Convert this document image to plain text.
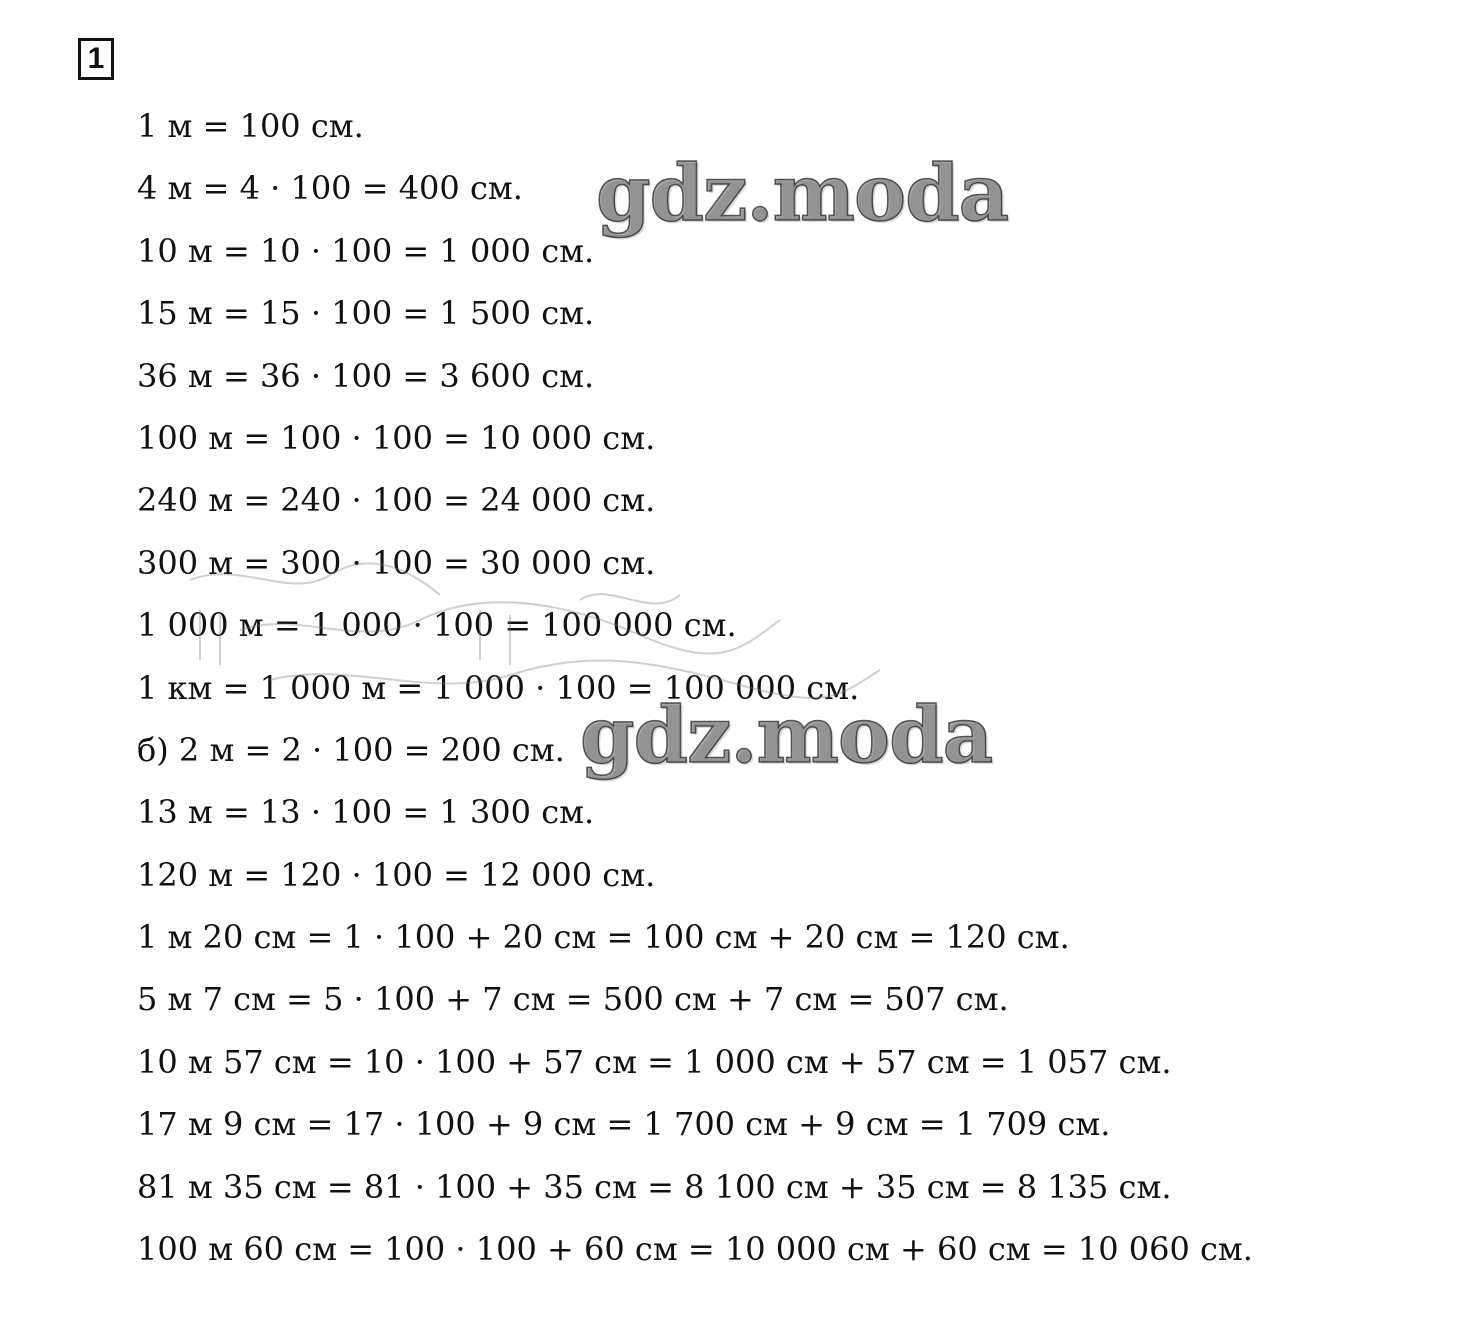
1
1 м = 100 см.
4 м = 4 · 100 = 400 см.
10 м = 10 · 100 = 1 000 см.
15 м = 15 · 100 = 1 500 см.
36 м = 36 · 100 = 3 600 см.
100 м = 100 · 100 = 10 000 см.
240 м = 240 · 100 = 24 000 см.
300 м = 300 · 100 = 30 000 см.
1 000 м = 1 000 · 100 = 100 000 см.
1 км = 1 000 м = 1 000 · 100 = 100 000 см.
б) 2 м = 2 · 100 = 200 см.
13 м = 13 · 100 = 1 300 см.
120 м = 120 · 100 = 12 000 см.
1 м 20 см = 1 · 100 + 20 см = 100 см + 20 см = 120 см.
5 м 7 см = 5 · 100 + 7 см = 500 см + 7 см = 507 см.
10 м 57 см = 10 · 100 + 57 см = 1 000 см + 57 см = 1 057 см.
17 м 9 см = 17 · 100 + 9 см = 1 700 см + 9 см = 1 709 см.
81 м 35 см = 81 · 100 + 35 см = 8 100 см + 35 см = 8 135 см.
100 м 60 см = 100 · 100 + 60 см = 10 000 см + 60 см = 10 060 см.
gdz.moda
gdz.moda
